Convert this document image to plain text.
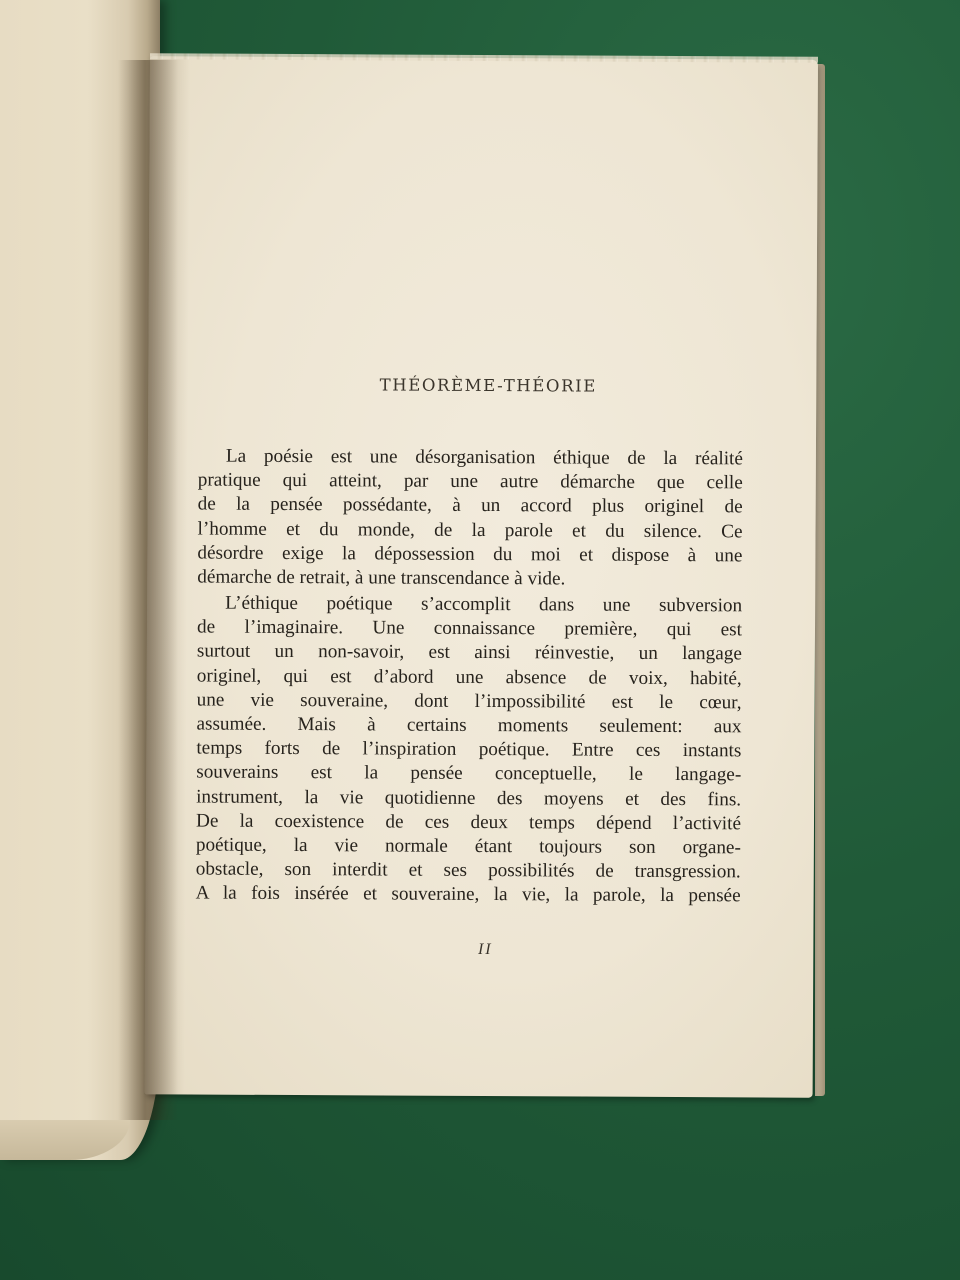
THÉORÈME-THÉORIE

La poésie est une désorganisation éthique de la réalité
pratique qui atteint, par une autre démarche que celle
de la pensée possédante, à un accord plus originel de
l’homme et du monde, de la parole et du silence. Ce
désordre exige la dépossession du moi et dispose à une
démarche de retrait, à une transcendance à vide.

L’éthique poétique s’accomplit dans une subversion
de l’imaginaire. Une connaissance première, qui est
surtout un non-savoir, est ainsi réinvestie, un langage
originel, qui est d’abord une absence de voix, habité,
une vie souveraine, dont l’impossibilité est le cœur,
assumée. Mais à certains moments seulement: aux
temps forts de l’inspiration poétique. Entre ces instants
souverains est la pensée conceptuelle, le langage-
instrument, la vie quotidienne des moyens et des fins.
De la coexistence de ces deux temps dépend l’activité
poétique, la vie normale étant toujours son organe-
obstacle, son interdit et ses possibilités de transgression.
A la fois insérée et souveraine, la vie, la parole, la pensée

II
